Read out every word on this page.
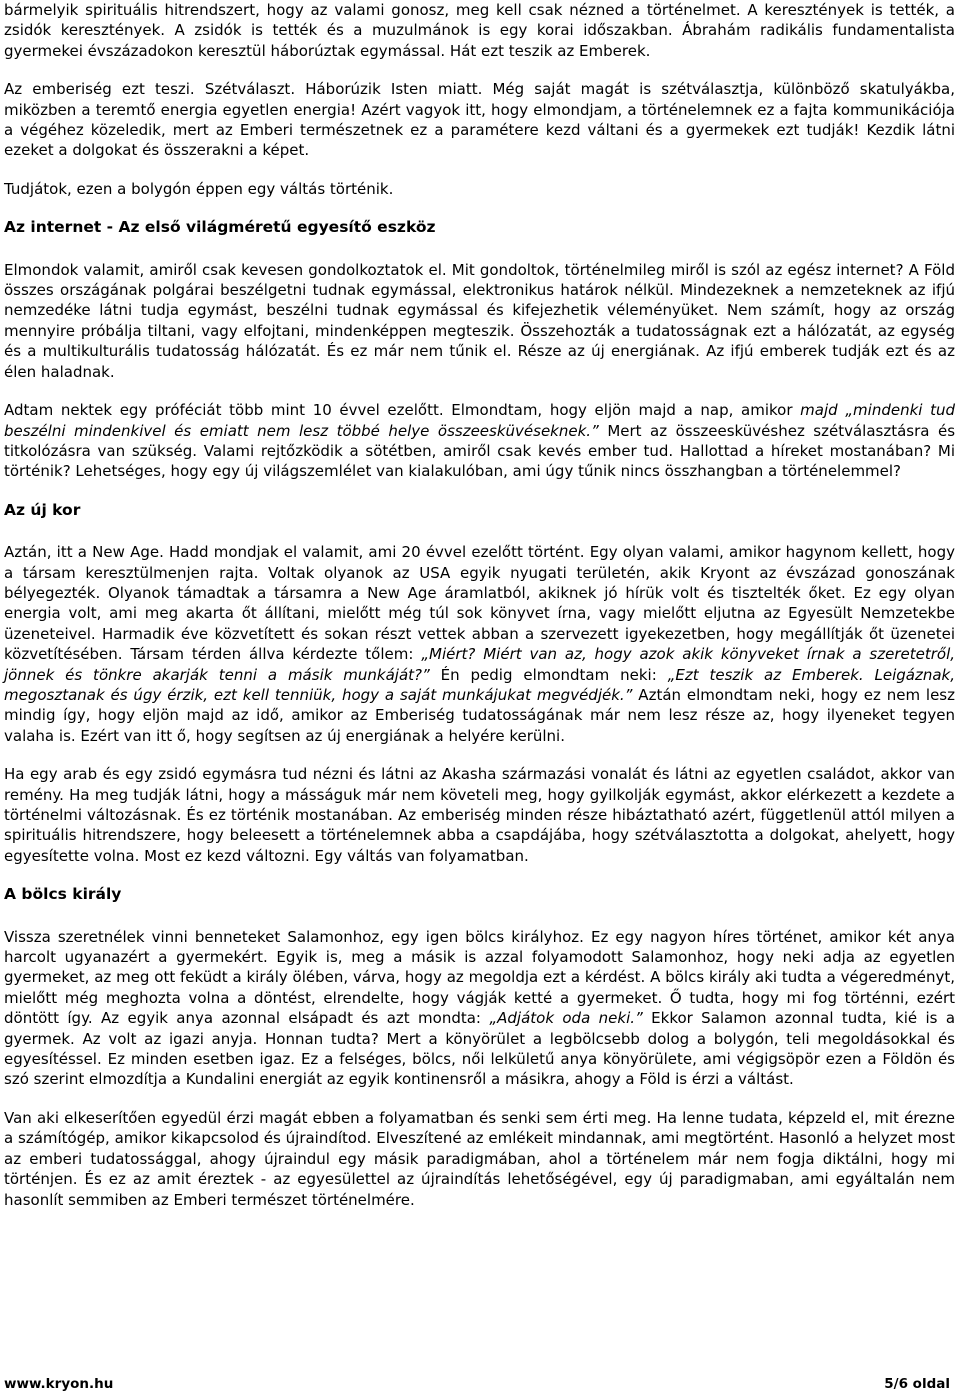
bármelyik spirituális hitrendszert, hogy az valami gonosz, meg kell csak nézned a történelmet. A keresztények is tették, a zsidók keresztények. A zsidók is tették és a muzulmánok is egy korai időszakban. Ábrahám radikális fundamentalista gyermekei évszázadokon keresztül háborúztak egymással. Hát ezt teszik az Emberek.

Az emberiség ezt teszi. Szétválaszt. Háborúzik Isten miatt. Még saját magát is szétválasztja, különböző skatulyákba, miközben a teremtő energia egyetlen energia! Azért vagyok itt, hogy elmondjam, a történelemnek ez a fajta kommunikációja a végéhez közeledik, mert az Emberi természetnek ez a paramétere kezd váltani és a gyermekek ezt tudják! Kezdik látni ezeket a dolgokat és összerakni a képet.

Tudjátok, ezen a bolygón éppen egy váltás történik.

Az internet - Az első világméretű egyesítő eszköz

Elmondok valamit, amiről csak kevesen gondolkoztatok el. Mit gondoltok, történelmileg miről is szól az egész internet? A Föld összes országának polgárai beszélgetni tudnak egymással, elektronikus határok nélkül. Mindezeknek a nemzeteknek az ifjú nemzedéke látni tudja egymást, beszélni tudnak egymással és kifejezhetik véleményüket. Nem számít, hogy az ország mennyire próbálja tiltani, vagy elfojtani, mindenképpen megteszik. Összehozták a tudatosságnak ezt a hálózatát, az egység és a multikulturális tudatosság hálózatát. És ez már nem tűnik el. Része az új energiának. Az ifjú emberek tudják ezt és az élen haladnak.

Adtam nektek egy próféciát több mint 10 évvel ezelőtt. Elmondtam, hogy eljön majd a nap, amikor majd „mindenki tud beszélni mindenkivel és emiatt nem lesz többé helye összeesküvéseknek.” Mert az összeesküvéshez szétválasztásra és titkolózásra van szükség. Valami rejtőzködik a sötétben, amiről csak kevés ember tud. Hallottad a híreket mostanában? Mi történik? Lehetséges, hogy egy új világszemlélet van kialakulóban, ami úgy tűnik nincs összhangban a történelemmel?

Az új kor

Aztán, itt a New Age. Hadd mondjak el valamit, ami 20 évvel ezelőtt történt. Egy olyan valami, amikor hagynom kellett, hogy a társam keresztülmenjen rajta. Voltak olyanok az USA egyik nyugati területén, akik Kryont az évszázad gonoszának bélyegezték. Olyanok támadtak a társamra a New Age áramlatból, akiknek jó hírük volt és tisztelték őket. Ez egy olyan energia volt, ami meg akarta őt állítani, mielőtt még túl sok könyvet írna, vagy mielőtt eljutna az Egyesült Nemzetekbe üzeneteivel. Harmadik éve közvetített és sokan részt vettek abban a szervezett igyekezetben, hogy megállítják őt üzenetei közvetítésében. Társam térden állva kérdezte tőlem: „Miért? Miért van az, hogy azok akik könyveket írnak a szeretetről, jönnek és tönkre akarják tenni a másik munkáját?” Én pedig elmondtam neki: „Ezt teszik az Emberek. Leigáznak, megosztanak és úgy érzik, ezt kell tenniük, hogy a saját munkájukat megvédjék.” Aztán elmondtam neki, hogy ez nem lesz mindig így, hogy eljön majd az idő, amikor az Emberiség tudatosságának már nem lesz része az, hogy ilyeneket tegyen valaha is. Ezért van itt ő, hogy segítsen az új energiának a helyére kerülni.

Ha egy arab és egy zsidó egymásra tud nézni és látni az Akasha származási vonalát és látni az egyetlen családot, akkor van remény. Ha meg tudják látni, hogy a másságuk már nem követeli meg, hogy gyilkolják egymást, akkor elérkezett a kezdete a történelmi változásnak. És ez történik mostanában. Az emberiség minden része hibáztatható azért, függetlenül attól milyen a spirituális hitrendszere, hogy beleesett a történelemnek abba a csapdájába, hogy szétválasztotta a dolgokat, ahelyett, hogy egyesítette volna. Most ez kezd változni. Egy váltás van folyamatban.

A bölcs király

Vissza szeretnélek vinni benneteket Salamonhoz, egy igen bölcs királyhoz. Ez egy nagyon híres történet, amikor két anya harcolt ugyanazért a gyermekért. Egyik is, meg a másik is azzal folyamodott Salamonhoz, hogy neki adja az egyetlen gyermeket, az meg ott feküdt a király ölében, várva, hogy az megoldja ezt a kérdést. A bölcs király aki tudta a végeredményt, mielőtt még meghozta volna a döntést, elrendelte, hogy vágják ketté a gyermeket. Ő tudta, hogy mi fog történni, ezért döntött így. Az egyik anya azonnal elsápadt és azt mondta: „Adjátok oda neki.” Ekkor Salamon azonnal tudta, kié is a gyermek. Az volt az igazi anyja. Honnan tudta? Mert a könyörület a legbölcsebb dolog a bolygón, teli megoldásokkal és egyesítéssel. Ez minden esetben igaz. Ez a felséges, bölcs, női lelkületű anya könyörülete, ami végigsöpör ezen a Földön és szó szerint elmozdítja a Kundalini energiát az egyik kontinensről a másikra, ahogy a Föld is érzi a váltást.

Van aki elkeserítően egyedül érzi magát ebben a folyamatban és senki sem érti meg. Ha lenne tudata, képzeld el, mit érezne a számítógép, amikor kikapcsolod és újraindítod. Elveszítené az emlékeit mindannak, ami megtörtént. Hasonló a helyzet most az emberi tudatossággal, ahogy újraindul egy másik paradigmában, ahol a történelem már nem fogja diktálni, hogy mi történjen. És ez az amit éreztek - az egyesülettel az újraindítás lehetőségével, egy új paradigmaban, ami egyáltalán nem hasonlít semmiben az Emberi természet történelmére.

www.kryon.hu	5/6 oldal
